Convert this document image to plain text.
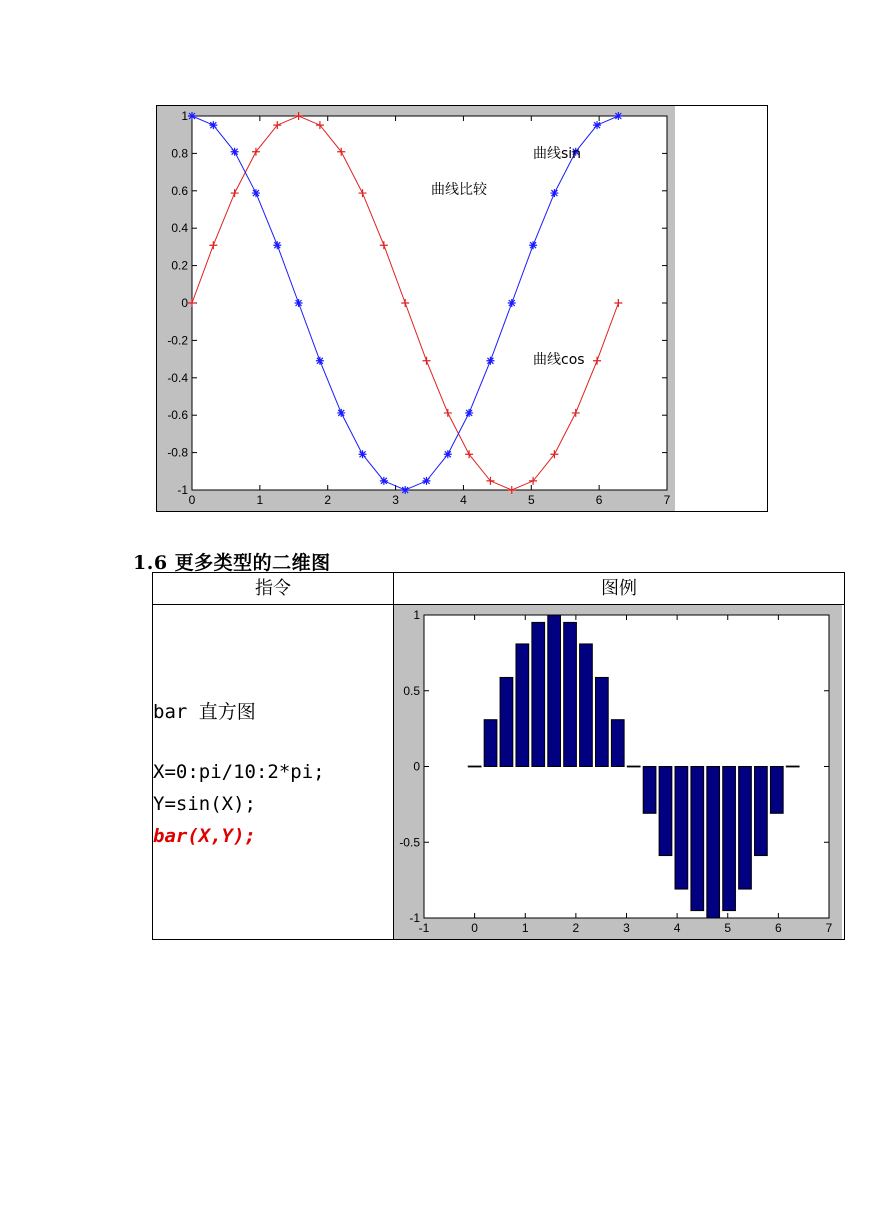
0	1	2	3	4	5	6	7
-1
-0.8
-0.6
-0.4
-0.2
0
0.2
0.4
0.6
0.8
1
曲线比较
曲线sin
曲线cos
1.6 更多类型的二维图
指令	图例
bar 直方图
X=0:pi/10:2*pi;
Y=sin(X);
bar(X,Y);
-1	0	1	2	3	4	5	6	7
-1
-0.5
0
0.5
1
